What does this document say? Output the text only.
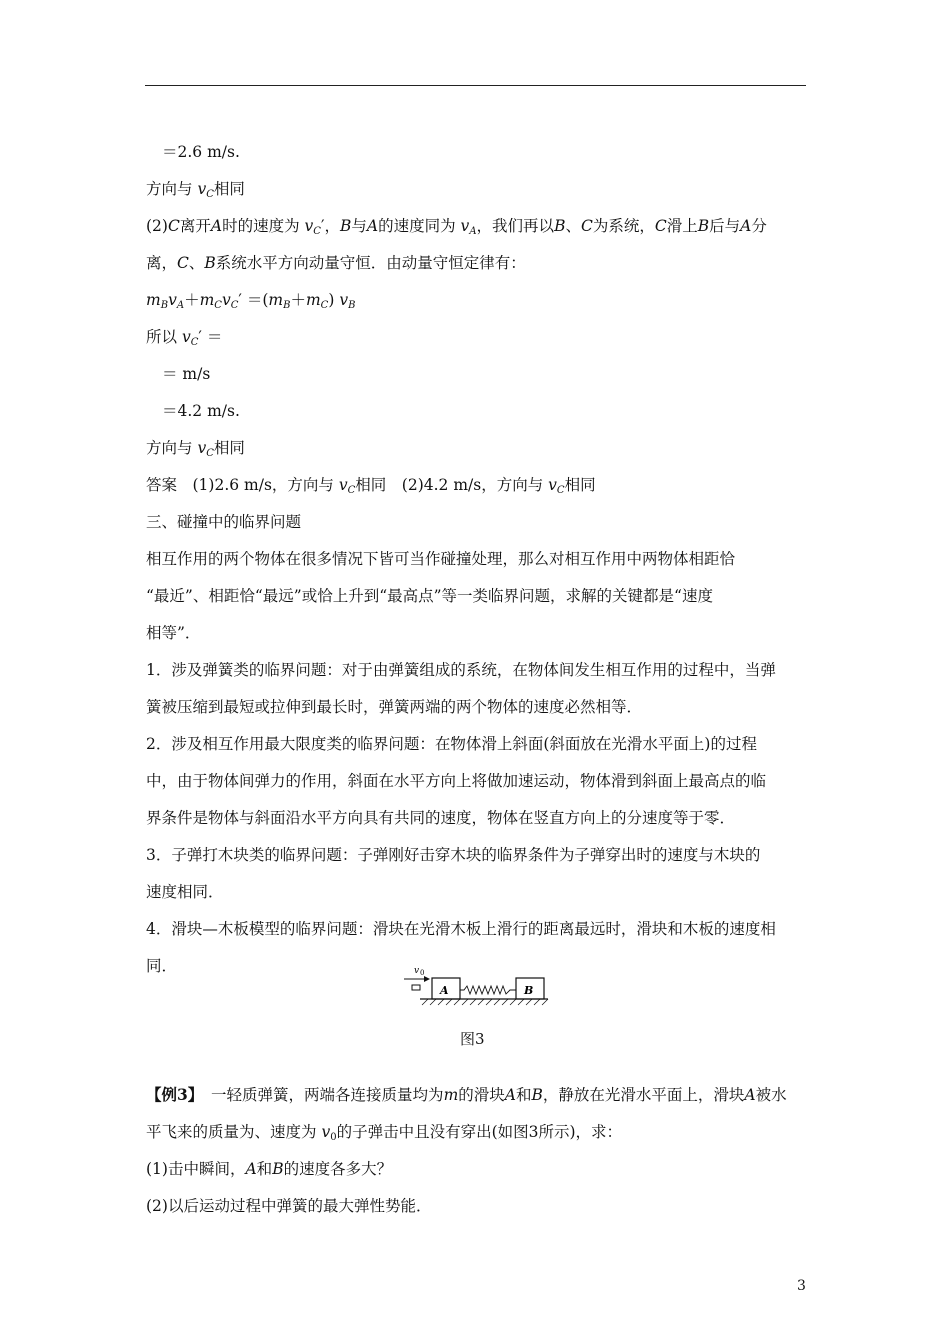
＝2.6 m/s.
方向与 $v_C$相同
(2)C离开A时的速度为 $v_C'$，B与A的速度同为 $v_A$，我们再以B、C为系统，C滑上B后与A分
离，C、B系统水平方向动量守恒．由动量守恒定律有：
$m_Bv_A+m_Cv_C' =(m_B+m_C)$ $v_B$
所以 $v_C'$ ＝
＝ m/s
＝4.2 m/s.
方向与 $v_C$相同
答案　(1)2.6 m/s，方向与 $v_C$相同　(2)4.2 m/s，方向与 $v_C$相同
三、碰撞中的临界问题
相互作用的两个物体在很多情况下皆可当作碰撞处理，那么对相互作用中两物体相距恰
“最近”、相距恰“最远”或恰上升到“最高点”等一类临界问题，求解的关键都是“速度
相等”．
1．涉及弹簧类的临界问题：对于由弹簧组成的系统，在物体间发生相互作用的过程中，当弹
簧被压缩到最短或拉伸到最长时，弹簧两端的两个物体的速度必然相等．
2．涉及相互作用最大限度类的临界问题：在物体滑上斜面(斜面放在光滑水平面上)的过程
中，由于物体间弹力的作用，斜面在水平方向上将做加速运动，物体滑到斜面上最高点的临
界条件是物体与斜面沿水平方向具有共同的速度，物体在竖直方向上的分速度等于零．
3．子弹打木块类的临界问题：子弹刚好击穿木块的临界条件为子弹穿出时的速度与木块的
速度相同．
4．滑块—木板模型的临界问题：滑块在光滑木板上滑行的距离最远时，滑块和木板的速度相
同．	v 0
A	B
图3
【例3】　一轻质弹簧，两端各连接质量均为m的滑块A和B，静放在光滑水平面上，滑块A被水
平飞来的质量为、速度为 $v_0$的子弹击中且没有穿出(如图3所示)，求：
(1)击中瞬间，A和B的速度各多大？
(2)以后运动过程中弹簧的最大弹性势能．
3
